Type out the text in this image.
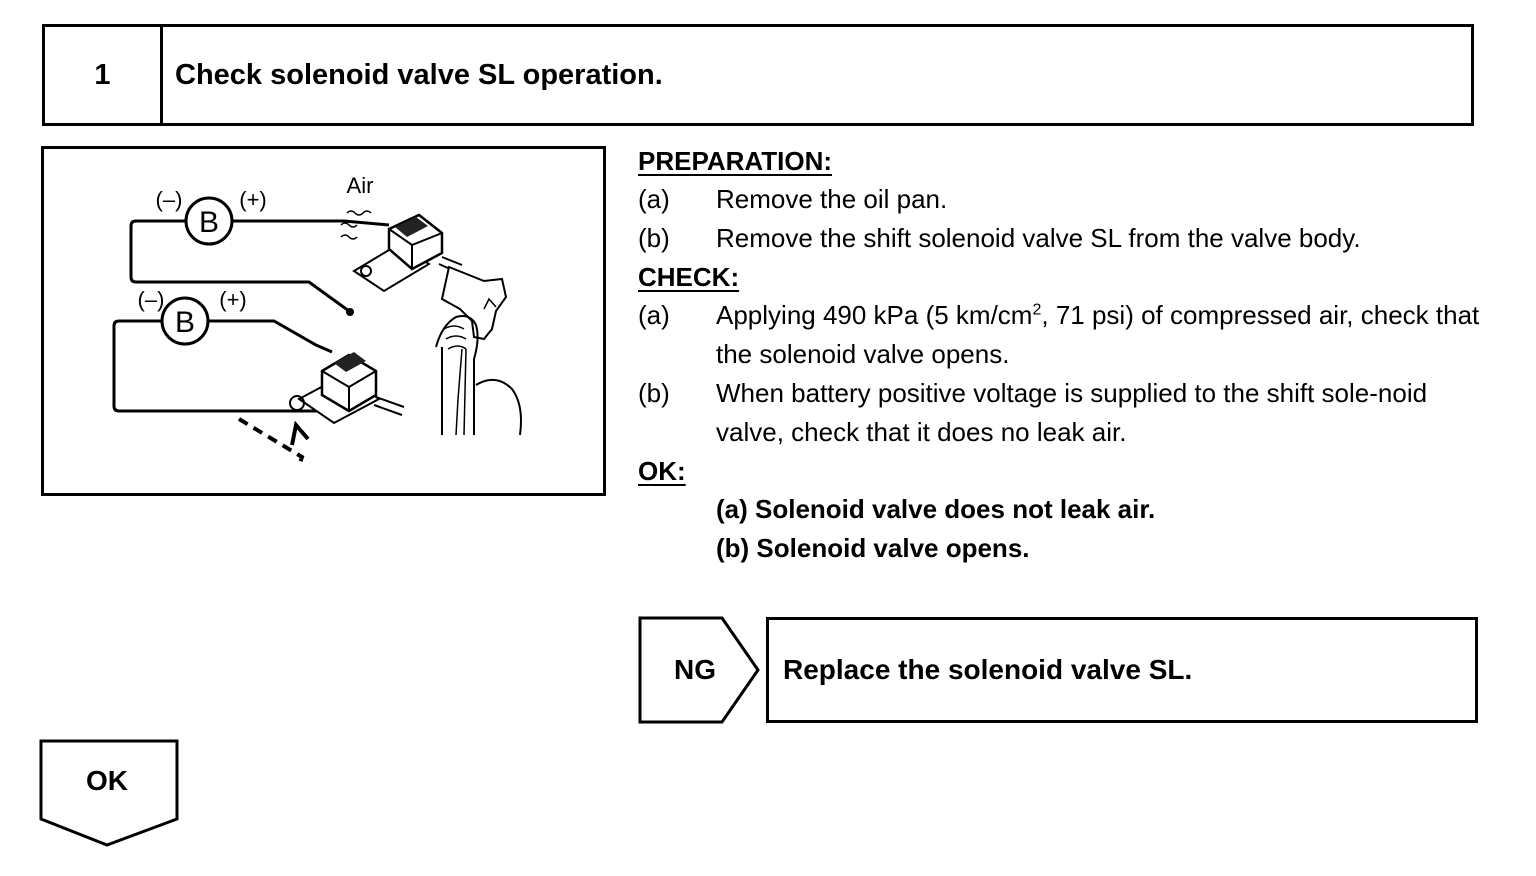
1	Check solenoid valve SL operation.
B
(–)	(+)
Air
B
(–) (+)
PREPARATION:
(a)	Remove the oil pan.
(b)	Remove the shift solenoid valve SL from the valve body.
CHECK:
(a)	Applying 490 kPa (5 $km/cm^2$, 71 psi) of compressed air, check that the solenoid valve opens.
(b)	When battery positive voltage is supplied to the shift sole-noid valve, check that it does no leak air.
OK:
(a) Solenoid valve does not leak air.
(b) Solenoid valve opens.
NG	Replace the solenoid valve SL.
OK
